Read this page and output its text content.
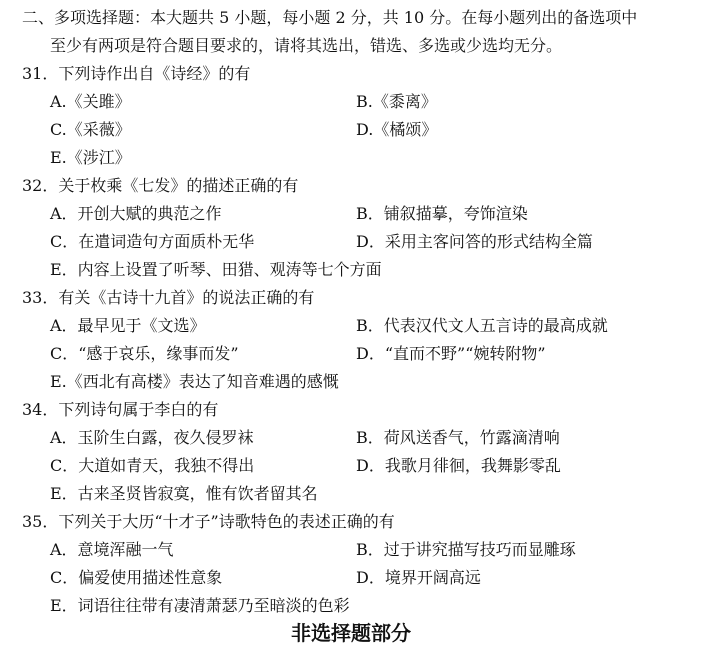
二、多项选择题：本大题共 5 小题，每小题 2 分，共 10 分。在每小题列出的备选项中
至少有两项是符合题目要求的，请将其选出，错选、多选或少选均无分。
31．下列诗作出自《诗经》的有
A.《关雎》	B.《黍离》
C.《采薇》	D.《橘颂》
E.《涉江》
32．关于枚乘《七发》的描述正确的有
A．开创大赋的典范之作	B．铺叙描摹，夸饰渲染
C．在遣词造句方面质朴无华	D．采用主客问答的形式结构全篇
E．内容上设置了听琴、田猎、观涛等七个方面
33．有关《古诗十九首》的说法正确的有
A．最早见于《文选》	B．代表汉代文人五言诗的最高成就
C．“感于哀乐，缘事而发”	D．“直而不野”“婉转附物”
E.《西北有高楼》表达了知音难遇的感慨
34．下列诗句属于李白的有
A．玉阶生白露，夜久侵罗袜	B．荷风送香气，竹露滴清响
C．大道如青天，我独不得出	D．我歌月徘徊，我舞影零乱
E．古来圣贤皆寂寞，惟有饮者留其名
35．下列关于大历“十才子”诗歌特色的表述正确的有
A．意境浑融一气	B．过于讲究描写技巧而显雕琢
C．偏爱使用描述性意象	D．境界开阔高远
E．词语往往带有凄清萧瑟乃至暗淡的色彩
非选择题部分
